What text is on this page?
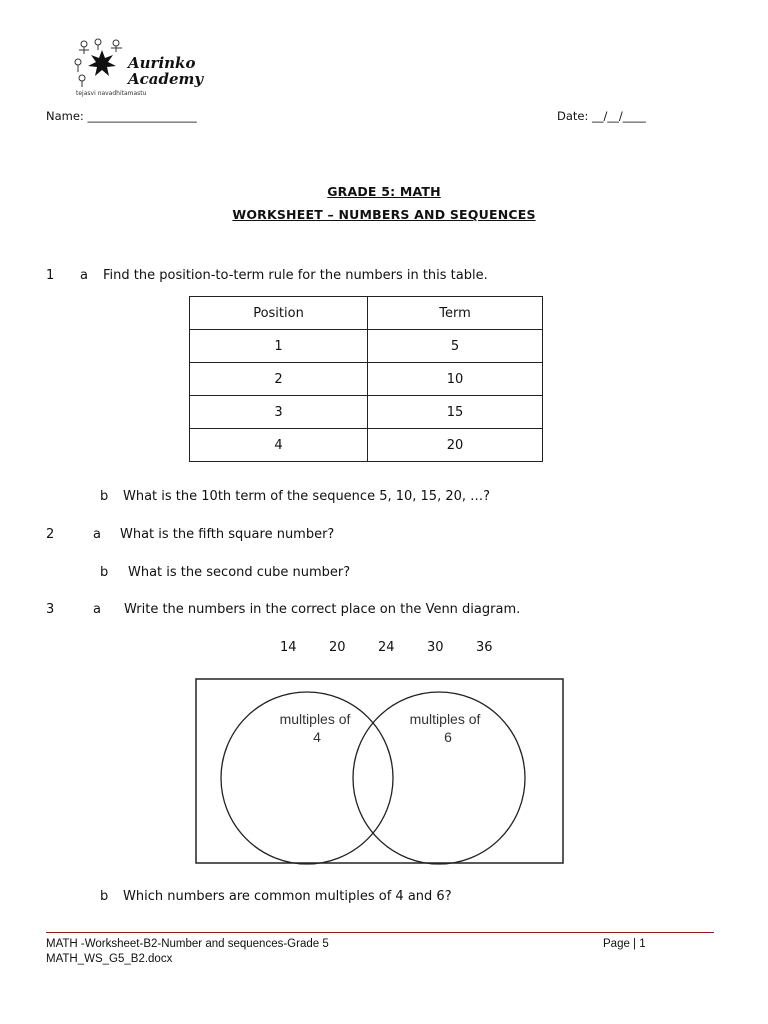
Aurinko
Academy
tejasvi navadhitamastu
Name: ___________________	Date: __/__/____
GRADE 5: MATH
WORKSHEET – NUMBERS AND SEQUENCES
1 a Find the position-to-term rule for the numbers in this table.
Position	Term
1	5
2	10
3	15
4	20
b What is the 10th term of the sequence 5, 10, 15, 20, …?
2	a What is the fifth square number?
b What is the second cube number?
3	a Write the numbers in the correct place on the Venn diagram.
14	20	24	30	36
multiples of
4
multiples of
6
b Which numbers are common multiples of 4 and 6?
MATH -Worksheet-B2-Number and sequences-Grade 5
MATH_WS_G5_B2.docx
Page | 1
